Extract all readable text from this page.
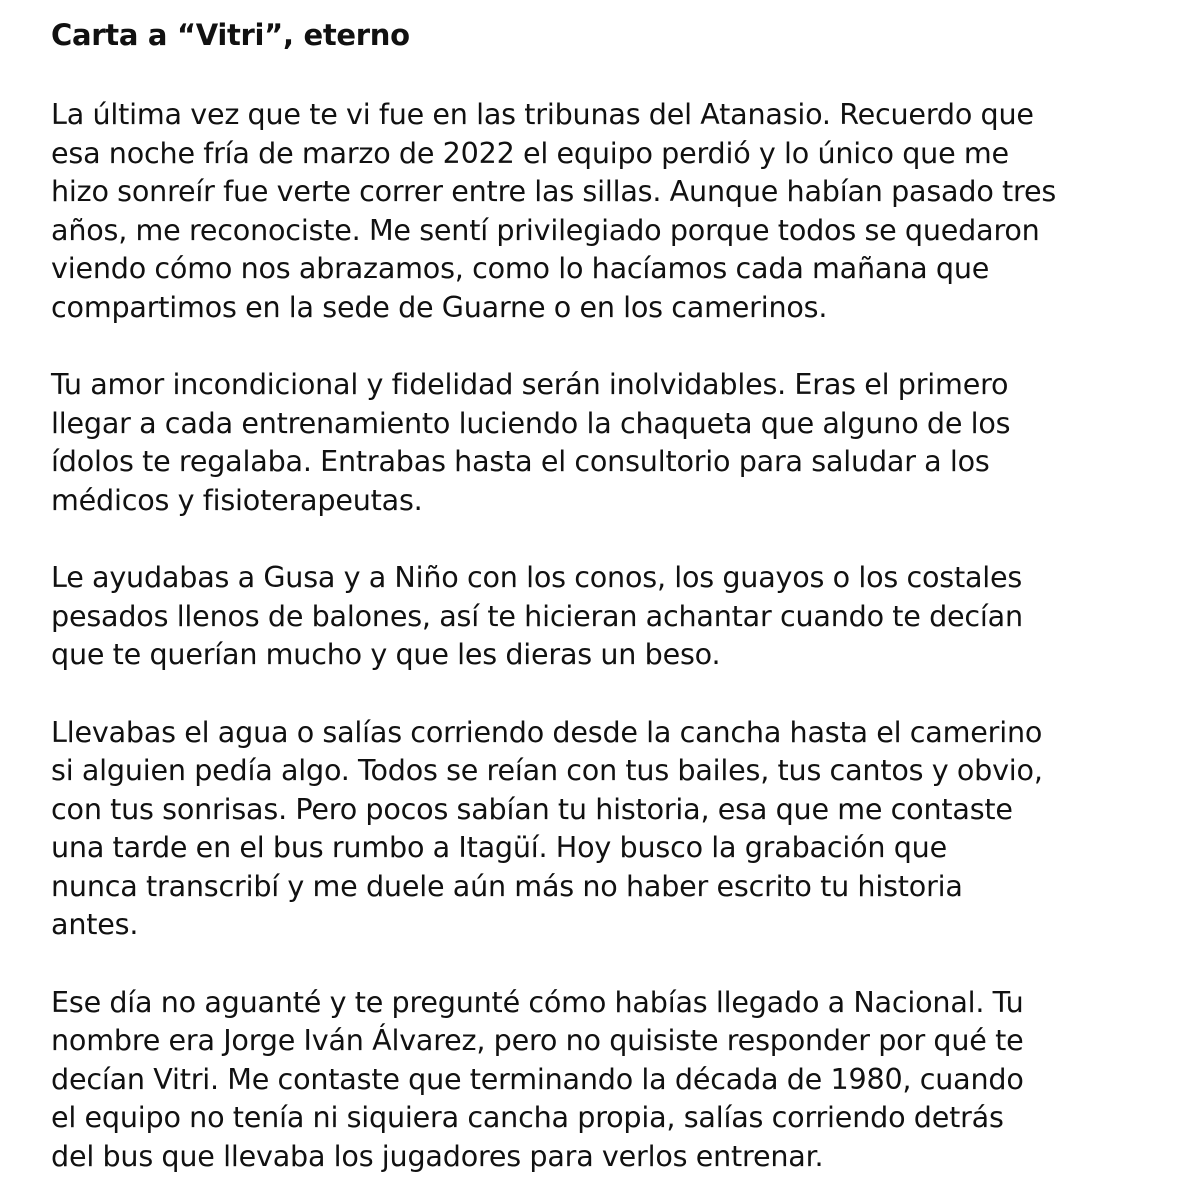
Carta a “Vitri”, eterno

La última vez que te vi fue en las tribunas del Atanasio. Recuerdo que
esa noche fría de marzo de 2022 el equipo perdió y lo único que me
hizo sonreír fue verte correr entre las sillas. Aunque habían pasado tres
años, me reconociste. Me sentí privilegiado porque todos se quedaron
viendo cómo nos abrazamos, como lo hacíamos cada mañana que
compartimos en la sede de Guarne o en los camerinos.

Tu amor incondicional y fidelidad serán inolvidables. Eras el primero
llegar a cada entrenamiento luciendo la chaqueta que alguno de los
ídolos te regalaba. Entrabas hasta el consultorio para saludar a los
médicos y fisioterapeutas.

Le ayudabas a Gusa y a Niño con los conos, los guayos o los costales
pesados llenos de balones, así te hicieran achantar cuando te decían
que te querían mucho y que les dieras un beso.

Llevabas el agua o salías corriendo desde la cancha hasta el camerino
si alguien pedía algo. Todos se reían con tus bailes, tus cantos y obvio,
con tus sonrisas. Pero pocos sabían tu historia, esa que me contaste
una tarde en el bus rumbo a Itagüí. Hoy busco la grabación que
nunca transcribí y me duele aún más no haber escrito tu historia
antes.

Ese día no aguanté y te pregunté cómo habías llegado a Nacional. Tu
nombre era Jorge Iván Álvarez, pero no quisiste responder por qué te
decían Vitri. Me contaste que terminando la década de 1980, cuando
el equipo no tenía ni siquiera cancha propia, salías corriendo detrás
del bus que llevaba los jugadores para verlos entrenar.
